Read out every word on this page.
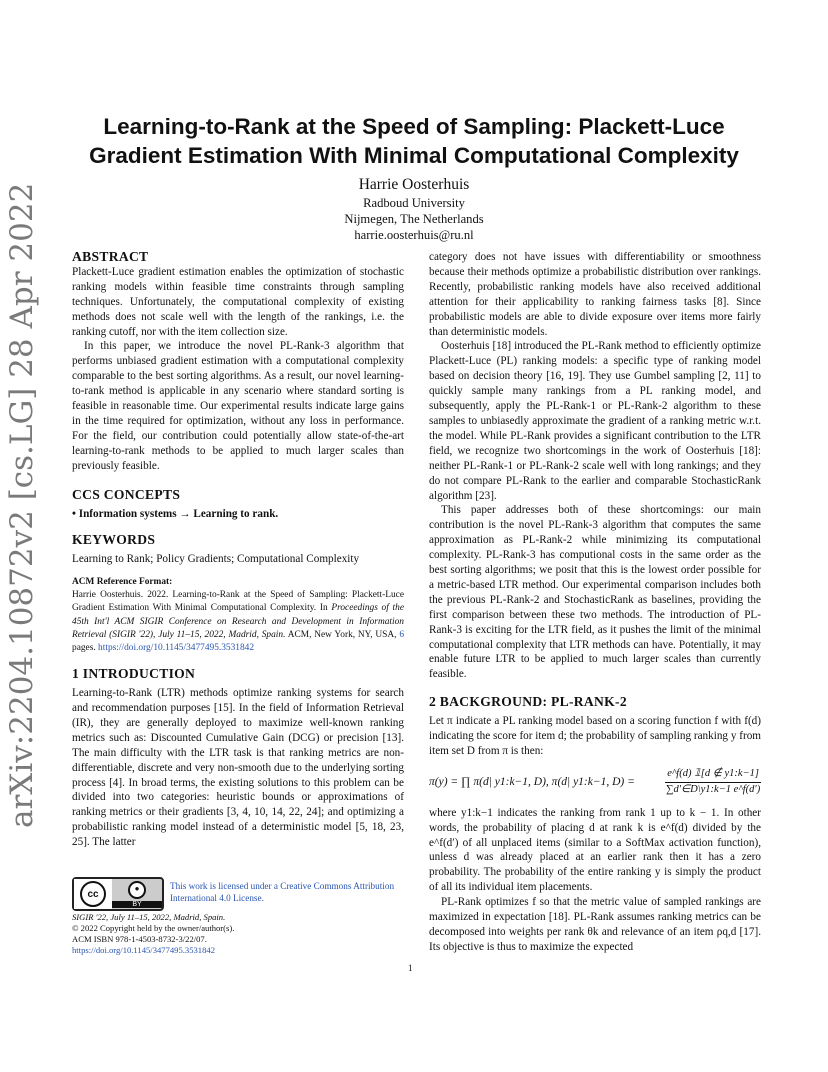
arXiv:2204.10872v2 [cs.LG] 28 Apr 2022
Learning-to-Rank at the Speed of Sampling: Plackett-Luce
Gradient Estimation With Minimal Computational Complexity
Harrie Oosterhuis
Radboud University
Nijmegen, The Netherlands
harrie.oosterhuis@ru.nl

ABSTRACT

Plackett-Luce gradient estimation enables the optimization of stochastic ranking models within feasible time constraints through sampling techniques. Unfortunately, the computational complexity of existing methods does not scale well with the length of the rankings, i.e. the ranking cutoff, nor with the item collection size.

In this paper, we introduce the novel PL-Rank-3 algorithm that performs unbiased gradient estimation with a computational complexity comparable to the best sorting algorithms. As a result, our novel learning-to-rank method is applicable in any scenario where standard sorting is feasible in reasonable time. Our experimental results indicate large gains in the time required for optimization, without any loss in performance. For the field, our contribution could potentially allow state-of-the-art learning-to-rank methods to be applied to much larger scales than previously feasible.

CCS CONCEPTS

• Information systems → Learning to rank.

KEYWORDS

Learning to Rank; Policy Gradients; Computational Complexity

ACM Reference Format:

Harrie Oosterhuis. 2022. Learning-to-Rank at the Speed of Sampling: Plackett-Luce Gradient Estimation With Minimal Computational Complexity. In Proceedings of the 45th Int'l ACM SIGIR Conference on Research and Development in Information Retrieval (SIGIR '22), July 11–15, 2022, Madrid, Spain. ACM, New York, NY, USA, 6 pages. https://doi.org/10.1145/3477495.3531842

1 INTRODUCTION

Learning-to-Rank (LTR) methods optimize ranking systems for search and recommendation purposes [15]. In the field of Information Retrieval (IR), they are generally deployed to maximize well-known ranking metrics such as: Discounted Cumulative Gain (DCG) or precision [13]. The main difficulty with the LTR task is that ranking metrics are non-differentiable, discrete and very non-smooth due to the underlying sorting process [4]. In broad terms, the existing solutions to this problem can be divided into two categories: heuristic bounds or approximations of ranking metrics or their gradients [3, 4, 10, 14, 22, 24]; and optimizing a probabilistic ranking model instead of a deterministic model [5, 18, 23, 25]. The latter

cc
●
BY
This work is licensed under a Creative Commons Attribution International 4.0 License.
SIGIR '22, July 11–15, 2022, Madrid, Spain.
© 2022 Copyright held by the owner/author(s).
ACM ISBN 978-1-4503-8732-3/22/07.
https://doi.org/10.1145/3477495.3531842

category does not have issues with differentiability or smoothness because their methods optimize a probabilistic distribution over rankings. Recently, probabilistic ranking models have also received additional attention for their applicability to ranking fairness tasks [8]. Since probabilistic models are able to divide exposure over items more fairly than deterministic models.

Oosterhuis [18] introduced the PL-Rank method to efficiently optimize Plackett-Luce (PL) ranking models: a specific type of ranking model based on decision theory [16, 19]. They use Gumbel sampling [2, 11] to quickly sample many rankings from a PL ranking model, and subsequently, apply the PL-Rank-1 or PL-Rank-2 algorithm to these samples to unbiasedly approximate the gradient of a ranking metric w.r.t. the model. While PL-Rank provides a significant contribution to the LTR field, we recognize two shortcomings in the work of Oosterhuis [18]: neither PL-Rank-1 or PL-Rank-2 scale well with long rankings; and they do not compare PL-Rank to the earlier and comparable StochasticRank algorithm [23].

This paper addresses both of these shortcomings: our main contribution is the novel PL-Rank-3 algorithm that computes the same approximation as PL-Rank-2 while minimizing its computational complexity. PL-Rank-3 has computional costs in the same order as the best sorting algorithms; we posit that this is the lowest order possible for a metric-based LTR method. Our experimental comparison includes both the previous PL-Rank-2 and StochasticRank as baselines, providing the first comparison between these two methods. The introduction of PL-Rank-3 is exciting for the LTR field, as it pushes the limit of the minimal computational complexity that LTR methods can have. Potentially, it may enable future LTR to be applied to much larger scales than currently feasible.

2 BACKGROUND: PL-RANK-2

Let π indicate a PL ranking model based on a scoring function f with f(d) indicating the score for item d; the probability of sampling ranking y from item set D from π is then:

π(y) = ∏ π(d| y1:k−1, D), π(d| y1:k−1, D) =	$\frac{e\^{}f(d) 𝟙[d \notin y1:k-1]}{\sum d'\in D\backslash y1:k-1 e\^{}f(d')}$

where y1:k−1 indicates the ranking from rank 1 up to k − 1. In other words, the probability of placing d at rank k is e^f(d) divided by the e^f(d′) of all unplaced items (similar to a SoftMax activation function), unless d was already placed at an earlier rank then it has a zero probability. The probability of the entire ranking y is simply the product of all its individual item placements.

PL-Rank optimizes f so that the metric value of sampled rankings are maximized in expectation [18]. PL-Rank assumes ranking metrics can be decomposed into weights per rank θk and relevance of an item ρq,d [17]. Its objective is thus to maximize the expected

1
